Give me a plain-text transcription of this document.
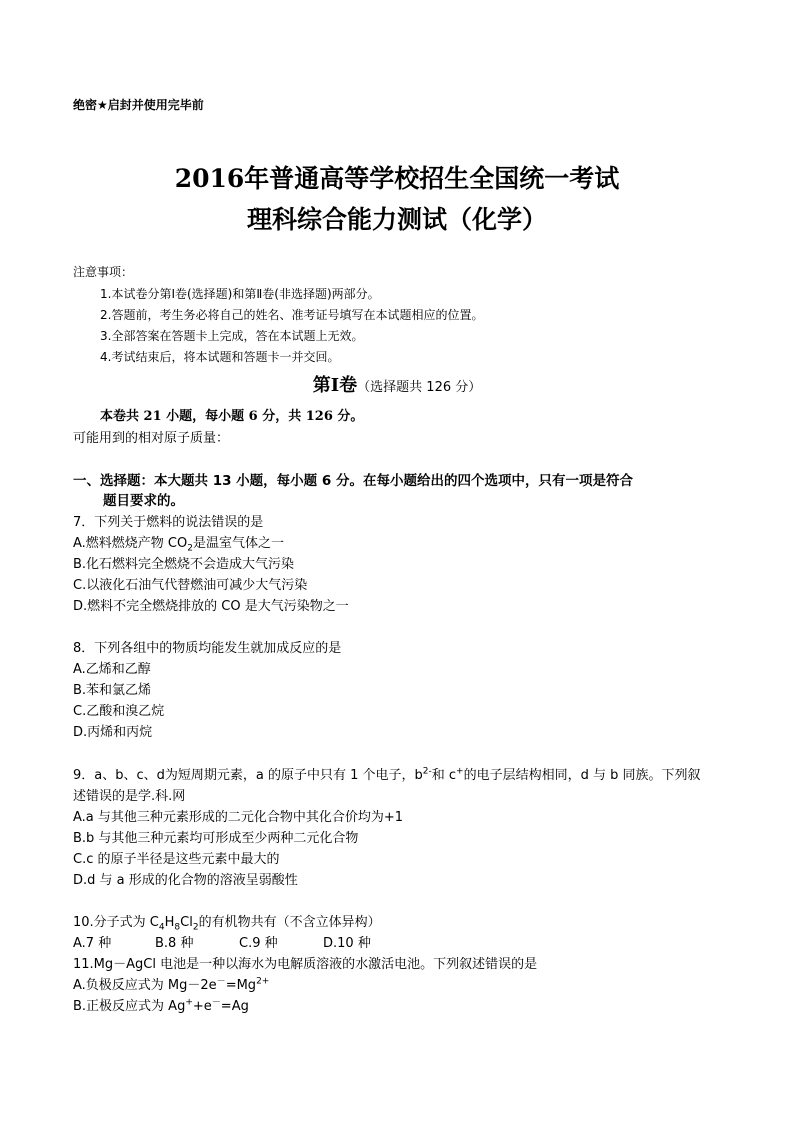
绝密★启封并使用完毕前
2016年普通高等学校招生全国统一考试
理科综合能力测试（化学）
注意事项：
1.本试卷分第Ⅰ卷(选择题)和第Ⅱ卷(非选择题)两部分。
2.答题前，考生务必将自己的姓名、准考证号填写在本试题相应的位置。
3.全部答案在答题卡上完成，答在本试题上无效。
4.考试结束后，将本试题和答题卡一并交回。
第Ⅰ卷（选择题共 126 分）
本卷共 21 小题，每小题 6 分，共 126 分。
可能用到的相对原子质量：
一、选择题：本大题共 13 小题，每小题 6 分。在每小题给出的四个选项中，只有一项是符合
题目要求的。
7．下列关于燃料的说法错误的是
A.燃料燃烧产物 $CO_2$是温室气体之一
B.化石燃料完全燃烧不会造成大气污染
C.以液化石油气代替燃油可减少大气污染
D.燃料不完全燃烧排放的 CO 是大气污染物之一
8．下列各组中的物质均能发生就加成反应的是
A.乙烯和乙醇
B.苯和氯乙烯
C.乙酸和溴乙烷
D.丙烯和丙烷
9．a、b、c、d为短周期元素，a 的原子中只有 1 个电子，$b^{2-}$和 c+的电子层结构相同，d 与 b 同族。下列叙
述错误的是学.科.网
A.a 与其他三种元素形成的二元化合物中其化合价均为+1
B.b 与其他三种元素均可形成至少两种二元化合物
C.c 的原子半径是这些元素中最大的
D.d 与 a 形成的化合物的溶液呈弱酸性
10.分子式为 $C_4H_8Cl_2$的有机物共有（不含立体异构）
A.7 种	B.8 种	C.9 种	D.10 种
11.Mg－AgCl 电池是一种以海水为电解质溶液的水激活电池。下列叙述错误的是
A.负极反应式为 $Mg-2e^-=Mg^{2+}$
B.正极反应式为 Ag++e－=Ag
